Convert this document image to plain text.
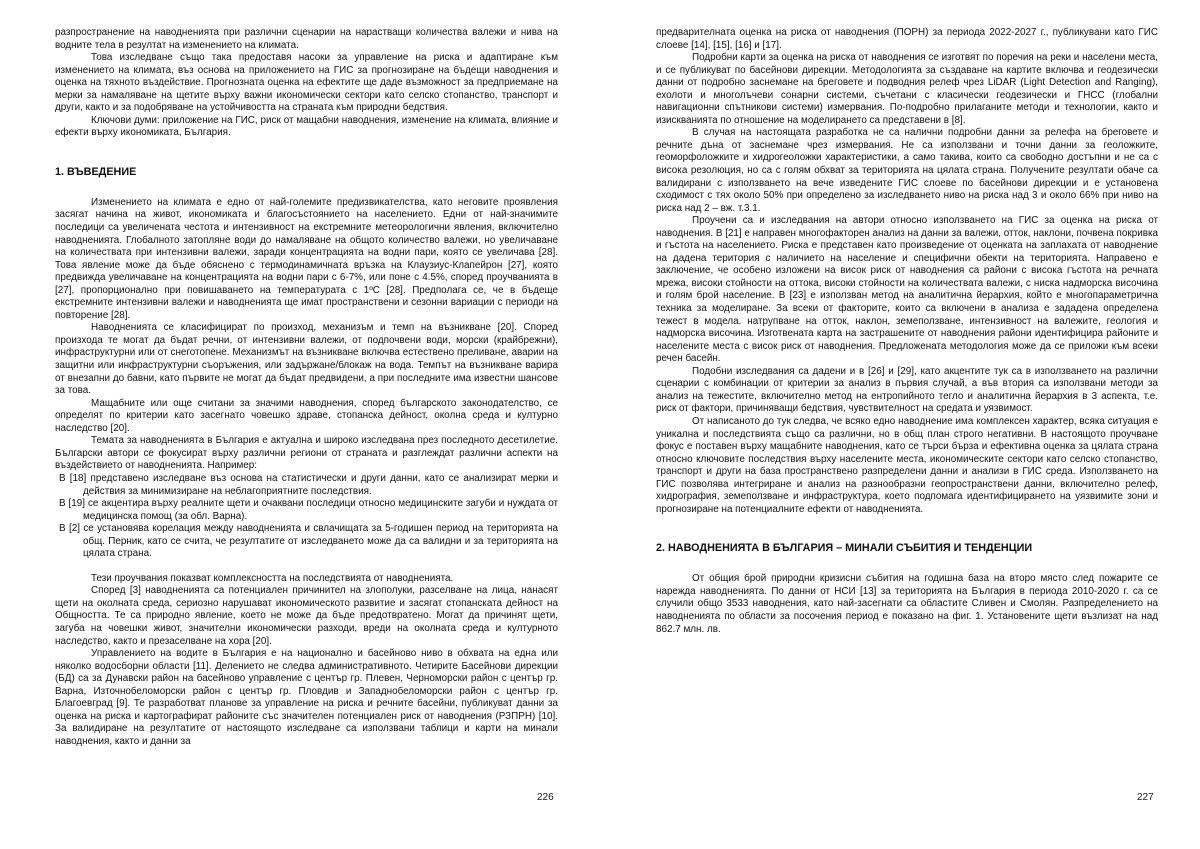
разпространение на наводненията при различни сценарии на нарастващи количества валежи и нива на водните тела в резултат на изменението на климата.

Това изследване също така предоставя насоки за управление на риска и адаптиране към изменението на климата, въз основа на приложението на ГИС за прогнозиране на бъдещи наводнения и оценка на тяхното въздействие. Прогнозната оценка на ефектите ще даде възможност за предприемане на мерки за намаляване на щетите върху важни икономически сектори като селско стопанство, транспорт и други, както и за подобряване на устойчивостта на страната към природни бедствия.

Ключови думи: приложение на ГИС, риск от мащабни наводнения, изменение на климата, влияние и ефекти върху икономиката, България.

1. ВЪВЕДЕНИЕ

Изменението на климата е едно от най-големите предизвикателства, като неговите проявления засягат начина на живот, икономиката и благосъстоянието на населението. Едни от най-значимите последици са увеличената честота и интензивност на екстремните метеорологични явления, включително наводненията. Глобалното затопляне води до намаляване на общото количество валежи, но увеличаване на количествата при интензивни валежи, заради концентрацията на водни пари, която се увеличава [28]. Това явление може да бъде обяснено с термодинамичната връзка на Клаузиус-Клапейрон [27], която предвижда увеличаване на концентрацията на водни пари с 6-7%, или поне с 4.5%, според проучванията в [27], пропорционално при повишаването на температурата с 1ºC [28]. Предполага се, че в бъдеще екстремните интензивни валежи и наводненията ще имат пространствени и сезонни вариации с периоди на повторение [28].

Наводненията се класифицират по произход, механизъм и темп на възникване [20]. Според произхода те могат да бъдат речни, от интензивни валежи, от подпочвени води, морски (крайбрежни), инфраструктурни или от снеготопене. Механизмът на възникване включва естествено преливане, аварии на защитни или инфраструктурни съоръжения, или задържане/блокаж на вода. Темпът на възникване варира от внезапни до бавни, като първите не могат да бъдат предвидени, а при последните има известни шансове за това.

Мащабните или още считани за значими наводнения, според българското законодателство, се определят по критерии като засегнато човешко здраве, стопанска дейност, околна среда и културно наследство [20].

Темата за наводненията в България е актуална и широко изследвана през последното десетилетие. Български автори се фокусират върху различни региони от страната и разглеждат различни аспекти на въздействието от наводненията. Например:

В [18] представено изследване въз основа на статистически и други данни, като се анализират мерки и действия за минимизиране на неблагоприятните последствия.

В [19] се акцентира върху реалните щети и очаквани последици относно медицинските загуби и нуждата от медицинска помощ (за обл. Варна).

В [2] се установява корелация между наводненията и свлачищата за 5-годишен период на територията на общ. Перник, като се счита, че резултатите от изследването може да са валидни и за територията на цялата страна.

Тези проучвания показват комплексността на последствията от наводненията.

Според [3] наводненията са потенциален причинител на злополуки, разселване на лица, нанасят щети на околната среда, сериозно нарушават икономическото развитие и засягат стопанската дейност на Общността. Те са природно явление, което не може да бъде предотвратено. Могат да причинят щети, загуба на човешки живот, значителни икономически разходи, вреди на околната среда и културното наследство, както и презаселване на хора [20].

Управлението на водите в България е на национално и басейново ниво в обхвата на една или няколко водосборни области [11]. Делението не следва административното. Четирите Басейнови дирекции (БД) са за Дунавски район на басейново управление с център гр. Плевен, Черноморски район с център гр. Варна, Източнобеломорски район с център гр. Пловдив и Западнобеломорски район с център гр. Благоевград [9]. Те разработват планове за управление на риска и речните басейни, публикуват данни за оценка на риска и картографират районите със значителен потенциален риск от наводнения (РЗПРН) [10]. За валидиране на резултатите от настоящото изследване са използвани таблици и карти на минали наводнения, както и данни за

226

предварителната оценка на риска от наводнения (ПОРН) за периода 2022-2027 г., публикувани като ГИС слоеве [14], [15], [16] и [17].

Подробни карти за оценка на риска от наводнения се изготвят по поречия на реки и населени места, и се публикуват по басейнови дирекции. Методологията за създаване на картите включва и геодезически данни от подробно заснемане на бреговете и подводния релеф чрез LiDAR (Light Detection and Ranging), ехолоти и многолъчеви сонарни системи, съчетани с класически геодезически и ГНСС (глобални навигационни спътникови системи) измервания. По-подробно прилаганите методи и технологии, както и изискванията по отношение на моделирането са представени в [8].

В случая на настоящата разработка не са налични подробни данни за релефа на бреговете и речните дъна от заснемане чрез измервания. Не са използвани и точни данни за геоложките, геоморфоложките и хидрогеоложки характеристики, а само такива, които са свободно достъпни и не са с висока резолюция, но са с голям обхват за територията на цялата страна. Получените резултати обаче са валидирани с използването на вече изведените ГИС слоеве по басейнови дирекции и е установена сходимост с тях около 50% при определено за изследването ниво на риска над 3 и около 66% при ниво на риска над 2 – вж. т.3.1.

Проучени са и изследвания на автори относно използването на ГИС за оценка на риска от наводнения. В [21] е направен многофакторен анализ на данни за валежи, отток, наклони, почвена покривка и гъстота на населението. Риска е представен като произведение от оценката на заплахата от наводнение на дадена територия с наличието на население и специфични обекти на територията. Направено е заключение, че особено изложени на висок риск от наводнения са райони с висока гъстота на речната мрежа, високи стойности на оттока, високи стойности на количествата валежи, с ниска надморска височина и голям брой население. В [23] е използван метод на аналитична йерархия, който е многопараметрична техника за моделиране. За всеки от факторите, които са включени в анализа е зададена определена тежест в модела. натрупване на отток, наклон, земеползване, интензивност на валежите, геология и надморска височина. Изготвената карта на застрашените от наводнения райони идентифицира районите и населените места с висок риск от наводнения. Предложената методология може да се приложи към всеки речен басейн.

Подобни изследвания са дадени и в [26] и [29], като акцентите тук са в използването на различни сценарии с комбинации от критерии за анализ в първия случай, а във втория са използвани методи за анализ на тежестите, включително метод на ентропийното тегло и аналитична йерархия в 3 аспекта, т.е. риск от фактори, причиняващи бедствия, чувствителност на средата и уязвимост.

От написаното до тук следва, че всяко едно наводнение има комплексен характер, всяка ситуация е уникална и последствията също са различни, но в общ план строго негативни. В настоящото проучване фокус е поставен върху мащабните наводнения, като се търси бърза и ефективна оценка за цялата страна относно ключовите последствия върху населените места, икономическите сектори като селско стопанство, транспорт и други на база пространствено разпределени данни и анализи в ГИС среда. Използването на ГИС позволява интегриране и анализ на разнообразни геопространствени данни, включително релеф, хидрография, земеползване и инфраструктура, което подпомага идентифицирането на уязвимите зони и прогнозиране на потенциалните ефекти от наводненията.

2. НАВОДНЕНИЯТА В БЪЛГАРИЯ – МИНАЛИ СЪБИТИЯ И ТЕНДЕНЦИИ

От общия брой природни кризисни събития на годишна база на второ място след пожарите се нарежда наводненията. По данни от НСИ [13] за територията на България в периода 2010-2020 г. са се случили общо 3533 наводнения, като най-засегнати са областите Сливен и Смолян. Разпределението на наводненията по области за посочения период е показано на фиг. 1. Установените щети възлизат на над 862.7 млн. лв.

227
